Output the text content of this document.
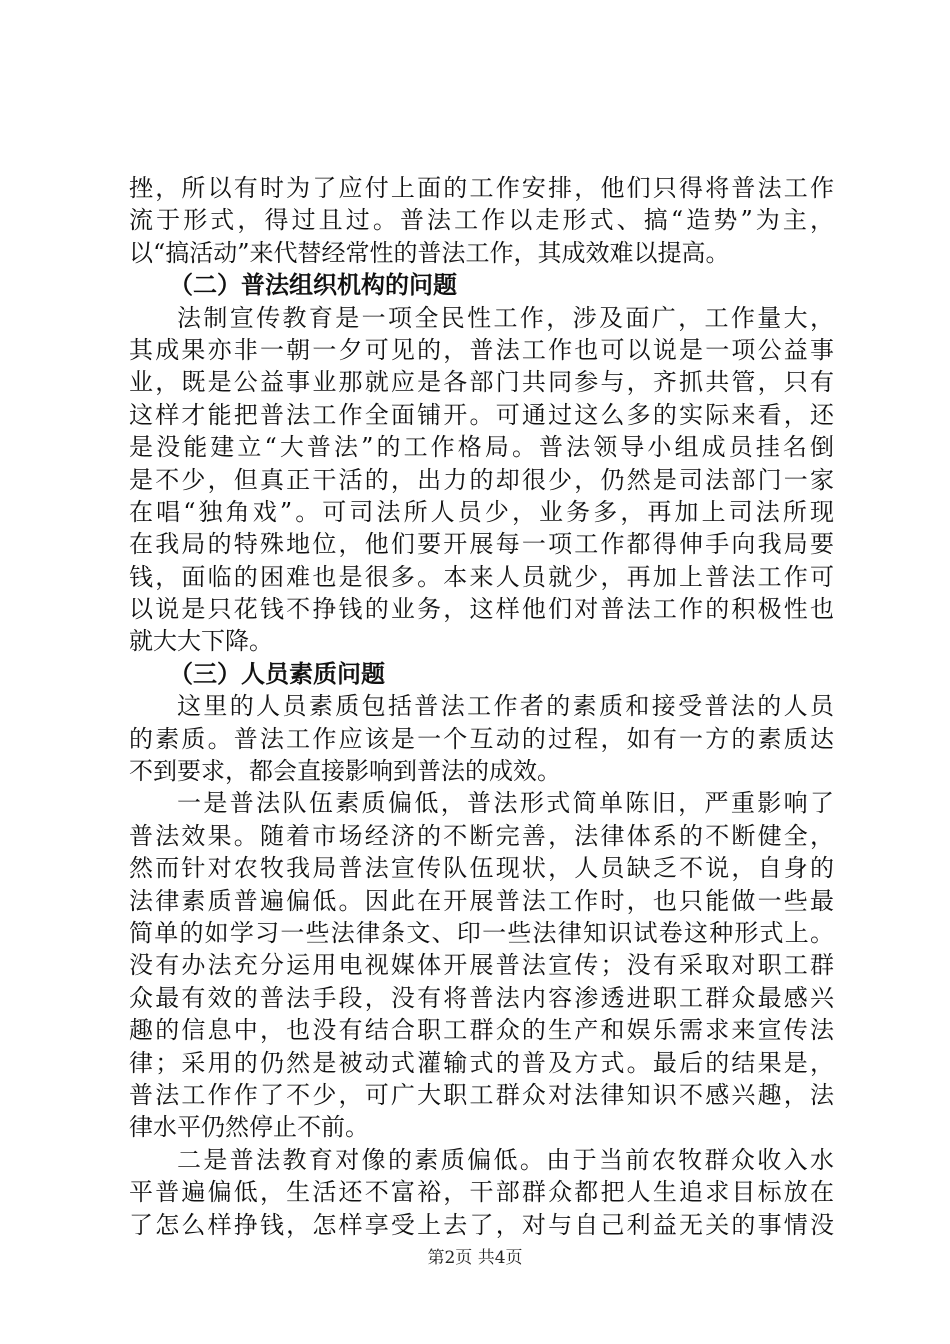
挫，所以有时为了应付上面的工作安排，他们只得将普法工作
流于形式，得过且过。普法工作以走形式、搞“造势”为主，
以“搞活动”来代替经常性的普法工作，其成效难以提高。
（二）普法组织机构的问题
法制宣传教育是一项全民性工作，涉及面广，工作量大，
其成果亦非一朝一夕可见的，普法工作也可以说是一项公益事
业，既是公益事业那就应是各部门共同参与，齐抓共管，只有
这样才能把普法工作全面铺开。可通过这么多的实际来看，还
是没能建立“大普法”的工作格局。普法领导小组成员挂名倒
是不少，但真正干活的，出力的却很少，仍然是司法部门一家
在唱“独角戏”。可司法所人员少，业务多，再加上司法所现
在我局的特殊地位，他们要开展每一项工作都得伸手向我局要
钱，面临的困难也是很多。本来人员就少，再加上普法工作可
以说是只花钱不挣钱的业务，这样他们对普法工作的积极性也
就大大下降。
（三）人员素质问题
这里的人员素质包括普法工作者的素质和接受普法的人员
的素质。普法工作应该是一个互动的过程，如有一方的素质达
不到要求，都会直接影响到普法的成效。
一是普法队伍素质偏低，普法形式简单陈旧，严重影响了
普法效果。随着市场经济的不断完善，法律体系的不断健全，
然而针对农牧我局普法宣传队伍现状，人员缺乏不说，自身的
法律素质普遍偏低。因此在开展普法工作时，也只能做一些最
简单的如学习一些法律条文、印一些法律知识试卷这种形式上。
没有办法充分运用电视媒体开展普法宣传；没有采取对职工群
众最有效的普法手段，没有将普法内容渗透进职工群众最感兴
趣的信息中，也没有结合职工群众的生产和娱乐需求来宣传法
律；采用的仍然是被动式灌输式的普及方式。最后的结果是，
普法工作作了不少，可广大职工群众对法律知识不感兴趣，法
律水平仍然停止不前。
二是普法教育对像的素质偏低。由于当前农牧群众收入水
平普遍偏低，生活还不富裕，干部群众都把人生追求目标放在
了怎么样挣钱，怎样享受上去了，对与自己利益无关的事情没
第2页 共4页
